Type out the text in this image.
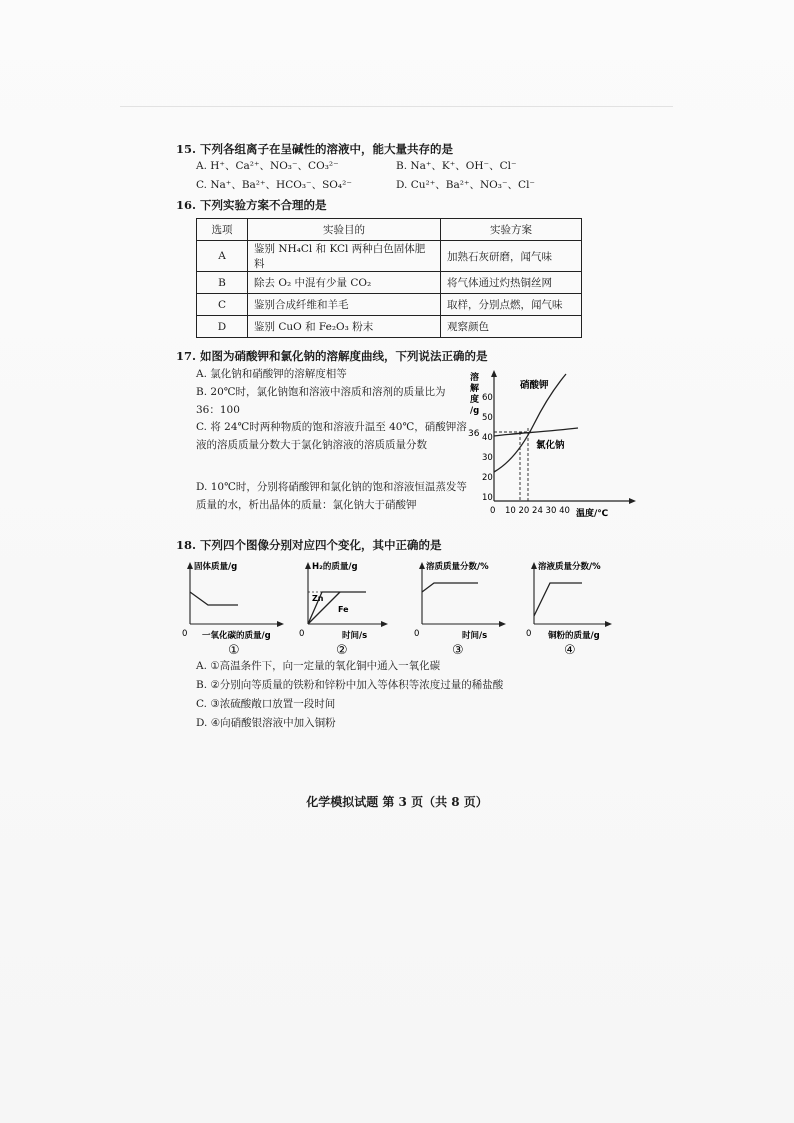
15. 下列各组离子在呈碱性的溶液中，能大量共存的是
A. H⁺、Ca²⁺、NO₃⁻、CO₃²⁻	B. Na⁺、K⁺、OH⁻、Cl⁻
C. Na⁺、Ba²⁺、HCO₃⁻、SO₄²⁻	D. Cu²⁺、Ba²⁺、NO₃⁻、Cl⁻
16. 下列实验方案不合理的是
选项	实验目的	实验方案
A	鉴别 NH₄Cl 和 KCl 两种白色固体肥料	加熟石灰研磨，闻气味
B	除去 O₂ 中混有少量 CO₂	将气体通过灼热铜丝网
C	鉴别合成纤维和羊毛	取样，分别点燃，闻气味
D	鉴别 CuO 和 Fe₂O₃ 粉末	观察颜色
17. 如图为硝酸钾和氯化钠的溶解度曲线，下列说法正确的是
A. 氯化钠和硝酸钾的溶解度相等
B. 20℃时，氯化钠饱和溶液中溶质和溶剂的质量比为 36：100
C. 将 24℃时两种物质的饱和溶液升温至 40℃，硝酸钾溶液的溶质质量分数大于氯化钠溶液的溶质质量分数
D. 10℃时，分别将硝酸钾和氯化钠的饱和溶液恒温蒸发等质量的水，析出晶体的质量：氯化钠大于硝酸钾
溶
解
度
/g
60
50
40
36
30
20
10
0 10 20 24 30 40 温度/℃
硝酸钾
氯化钠
18. 下列四个图像分别对应四个变化，其中正确的是
固体质量/g
0 一氧化碳的质量/g
①
H₂的质量/g
0	时间/s
Zn
Fe
②
溶质质量分数/%
0	时间/s
③
溶液质量分数/%
0 铜粉的质量/g
④
A. ①高温条件下，向一定量的氧化铜中通入一氧化碳
B. ②分别向等质量的铁粉和锌粉中加入等体积等浓度过量的稀盐酸
C. ③浓硫酸敞口放置一段时间
D. ④向硝酸银溶液中加入铜粉
化学模拟试题 第 3 页（共 8 页）
